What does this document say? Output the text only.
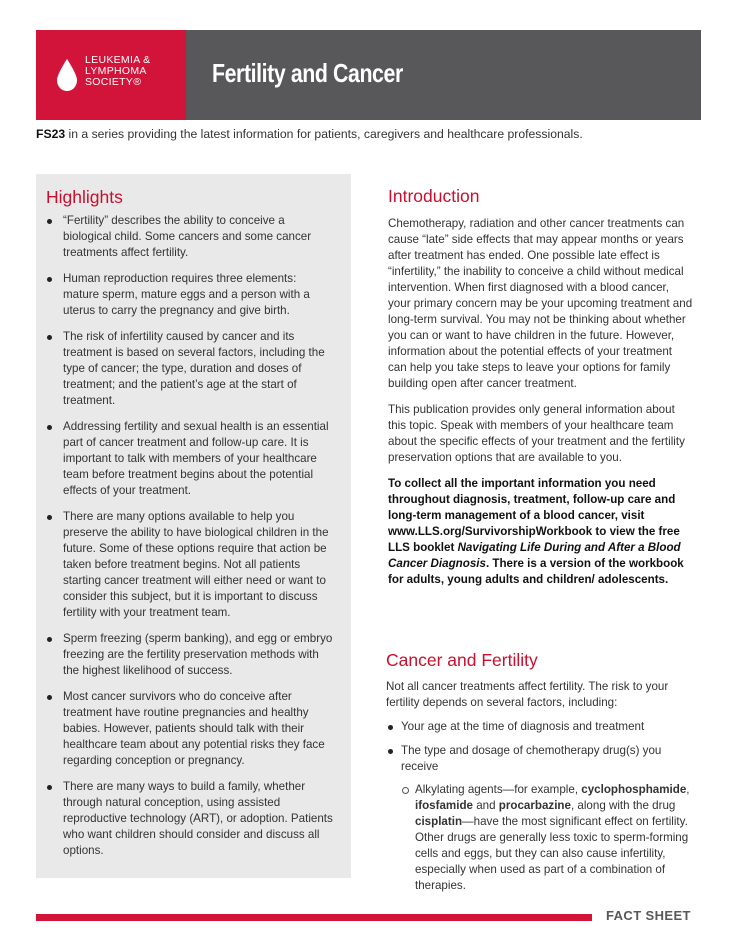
LEUKEMIA &
LYMPHOMA
SOCIETY®	Fertility and Cancer
FS23 in a series providing the latest information for patients, caregivers and healthcare professionals.
Highlights
“Fertility” describes the ability to conceive a biological child. Some cancers and some cancer treatments affect fertility.
Human reproduction requires three elements: mature sperm, mature eggs and a person with a uterus to carry the pregnancy and give birth.
The risk of infertility caused by cancer and its treatment is based on several factors, including the type of cancer; the type, duration and doses of treatment; and the patient’s age at the start of treatment.
Addressing fertility and sexual health is an essential part of cancer treatment and follow-up care. It is important to talk with members of your healthcare team before treatment begins about the potential effects of your treatment.
There are many options available to help you preserve the ability to have biological children in the future. Some of these options require that action be taken before treatment begins. Not all patients starting cancer treatment will either need or want to consider this subject, but it is important to discuss fertility with your treatment team.
Sperm freezing (sperm banking), and egg or embryo freezing are the fertility preservation methods with the highest likelihood of success.
Most cancer survivors who do conceive after treatment have routine pregnancies and healthy babies. However, patients should talk with their healthcare team about any potential risks they face regarding conception or pregnancy.
There are many ways to build a family, whether through natural conception, using assisted reproductive technology (ART), or adoption. Patients who want children should consider and discuss all options.
Introduction

Chemotherapy, radiation and other cancer treatments can cause “late” side effects that may appear months or years after treatment has ended. One possible late effect is “infertility,” the inability to conceive a child without medical intervention. When first diagnosed with a blood cancer, your primary concern may be your upcoming treatment and long-term survival. You may not be thinking about whether you can or want to have children in the future. However, information about the potential effects of your treatment can help you take steps to leave your options for family building open after cancer treatment.

This publication provides only general information about this topic. Speak with members of your healthcare team about the specific effects of your treatment and the fertility preservation options that are available to you.

To collect all the important information you need throughout diagnosis, treatment, follow-up care and long-term management of a blood cancer, visit www.LLS.org/SurvivorshipWorkbook to view the free LLS booklet Navigating Life During and After a Blood Cancer Diagnosis. There is a version of the workbook for adults, young adults and children/ adolescents.

Cancer and Fertility

Not all cancer treatments affect fertility. The risk to your fertility depends on several factors, including:

Your age at the time of diagnosis and treatment
The type and dosage of chemotherapy drug(s) you receive
Alkylating agents—for example, cyclophosphamide, ifosfamide and procarbazine, along with the drug cisplatin—have the most significant effect on fertility. Other drugs are generally less toxic to sperm-forming cells and eggs, but they can also cause infertility, especially when used as part of a combination of therapies.
FACT SHEET
